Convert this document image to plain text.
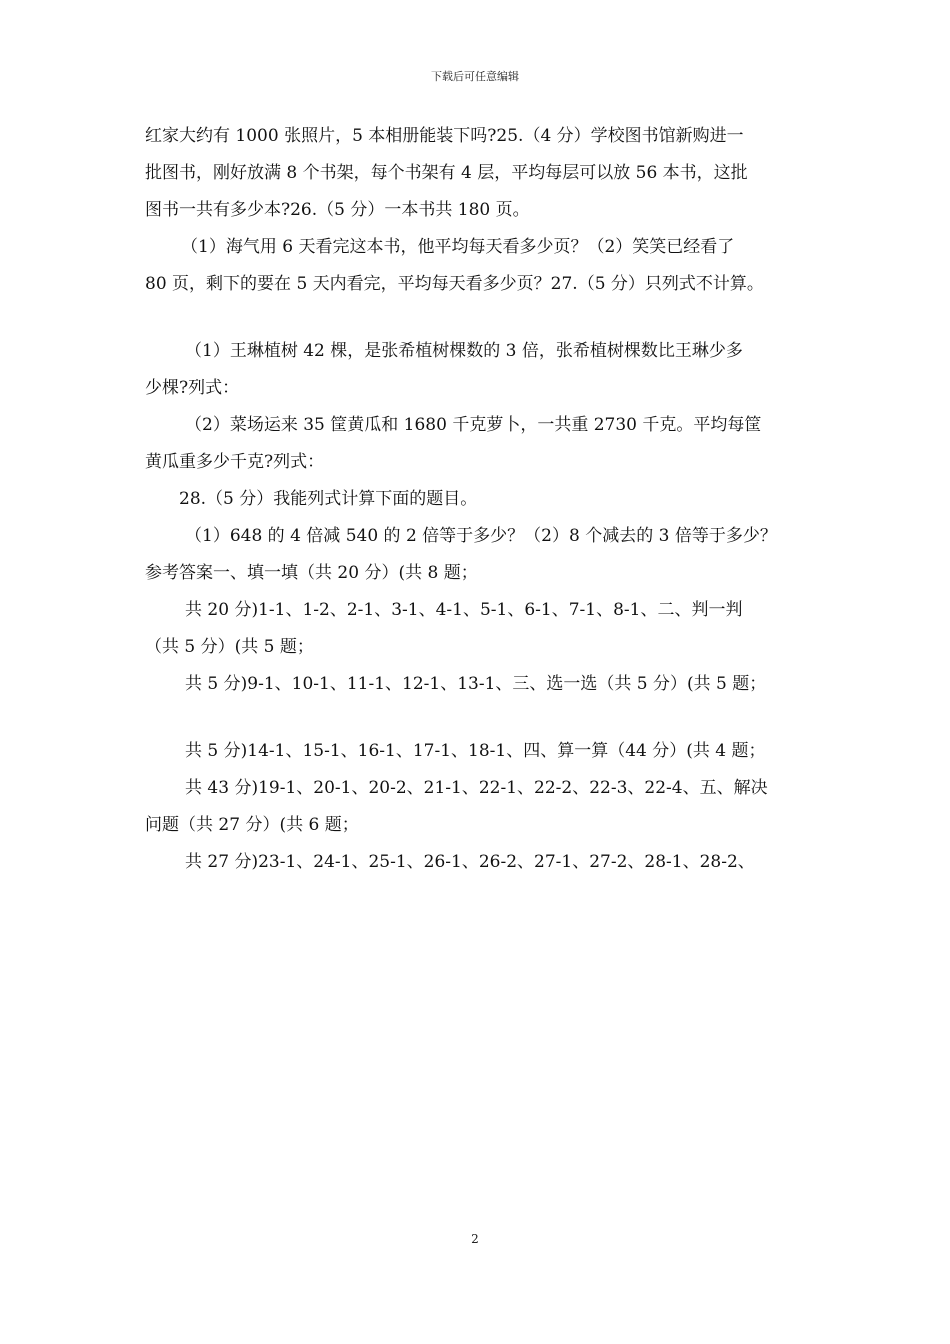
下载后可任意编辑
红家大约有 1000 张照片，5 本相册能装下吗?25.（4 分）学校图书馆新购进一
批图书，刚好放满 8 个书架，每个书架有 4 层，平均每层可以放 56 本书，这批
图书一共有多少本?26.（5 分）一本书共 180 页。
（1）海气用 6 天看完这本书，他平均每天看多少页？（2）笑笑已经看了
80 页，剩下的要在 5 天内看完，平均每天看多少页？27.（5 分）只列式不计算。
（1）王琳植树 42 棵，是张希植树棵数的 3 倍，张希植树棵数比王琳少多
少棵?列式：
（2）菜场运来 35 筐黄瓜和 1680 千克萝卜，一共重 2730 千克。平均每筐
黄瓜重多少千克?列式：
28.（5 分）我能列式计算下面的题目。
（1）648 的 4 倍减 540 的 2 倍等于多少？（2）8 个减去的 3 倍等于多少？
参考答案一、填一填（共 20 分）(共 8 题；
共 20 分)1-1、1-2、2-1、3-1、4-1、5-1、6-1、7-1、8-1、二、判一判
（共 5 分）(共 5 题；
共 5 分)9-1、10-1、11-1、12-1、13-1、三、选一选（共 5 分）(共 5 题；
共 5 分)14-1、15-1、16-1、17-1、18-1、四、算一算（44 分）(共 4 题；
共 43 分)19-1、20-1、20-2、21-1、22-1、22-2、22-3、22-4、五、解决
问题（共 27 分）(共 6 题；
共 27 分)23-1、24-1、25-1、26-1、26-2、27-1、27-2、28-1、28-2、
2
